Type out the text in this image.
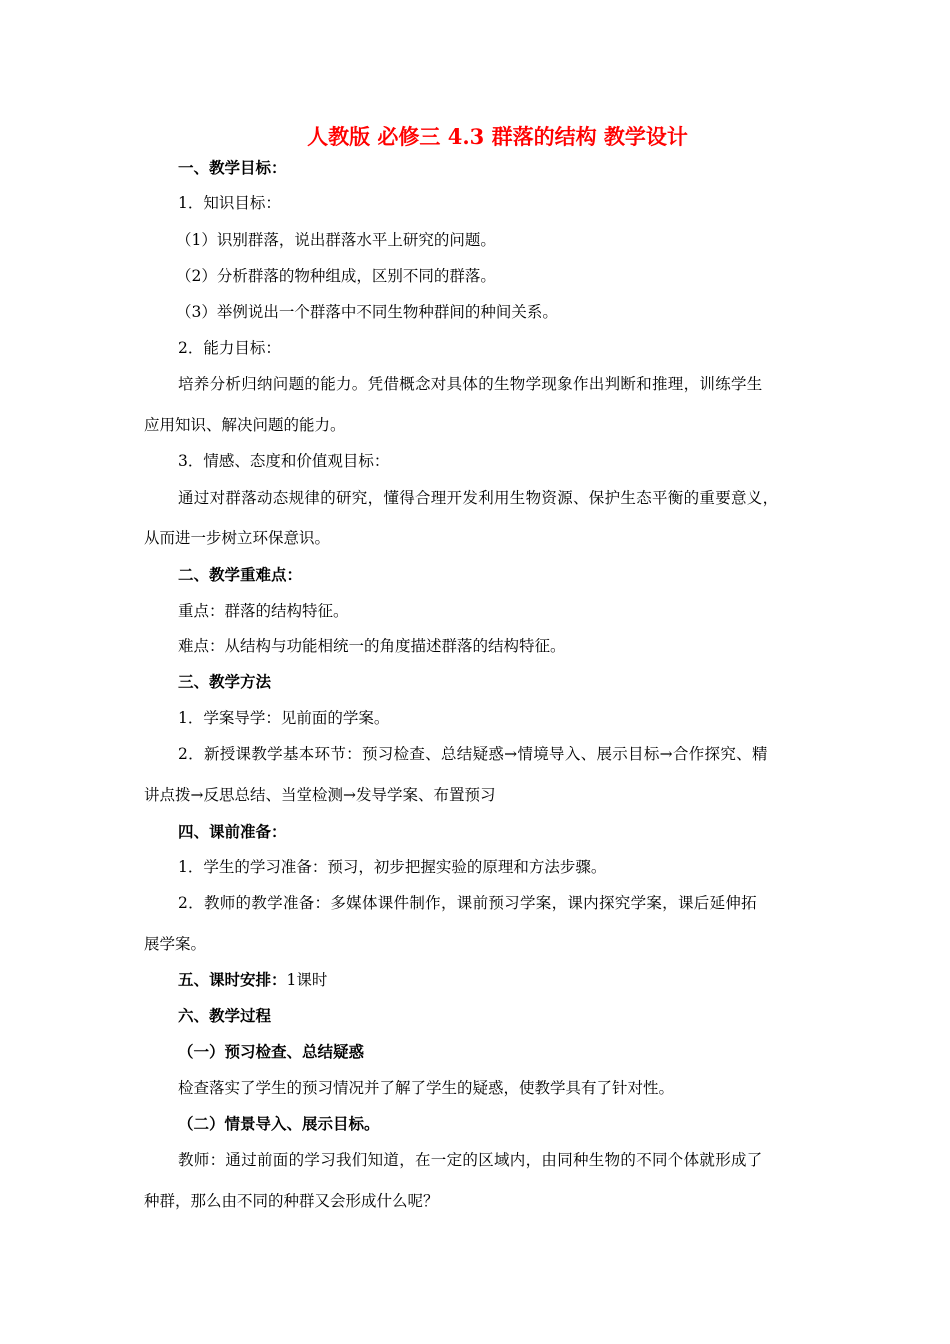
人教版 必修三 4.3 群落的结构 教学设计
一、教学目标：
1．知识目标：
（1）识别群落，说出群落水平上研究的问题。
（2）分析群落的物种组成，区别不同的群落。
（3）举例说出一个群落中不同生物种群间的种间关系。
2．能力目标：
培养分析归纳问题的能力。凭借概念对具体的生物学现象作出判断和推理，训练学生
应用知识、解决问题的能力。
3．情感、态度和价值观目标：
通过对群落动态规律的研究，懂得合理开发利用生物资源、保护生态平衡的重要意义，
从而进一步树立环保意识。
二、教学重难点：
重点：群落的结构特征。
难点：从结构与功能相统一的角度描述群落的结构特征。
三、教学方法
1．学案导学：见前面的学案。
2．新授课教学基本环节：预习检查、总结疑惑→情境导入、展示目标→合作探究、精
讲点拨→反思总结、当堂检测→发导学案、布置预习
四、课前准备：
1．学生的学习准备：预习，初步把握实验的原理和方法步骤。
2．教师的教学准备：多媒体课件制作，课前预习学案，课内探究学案，课后延伸拓
展学案。
五、课时安排：1课时
六、教学过程
（一）预习检查、总结疑惑
检查落实了学生的预习情况并了解了学生的疑惑，使教学具有了针对性。
（二）情景导入、展示目标。
教师：通过前面的学习我们知道，在一定的区域内，由同种生物的不同个体就形成了
种群，那么由不同的种群又会形成什么呢？
